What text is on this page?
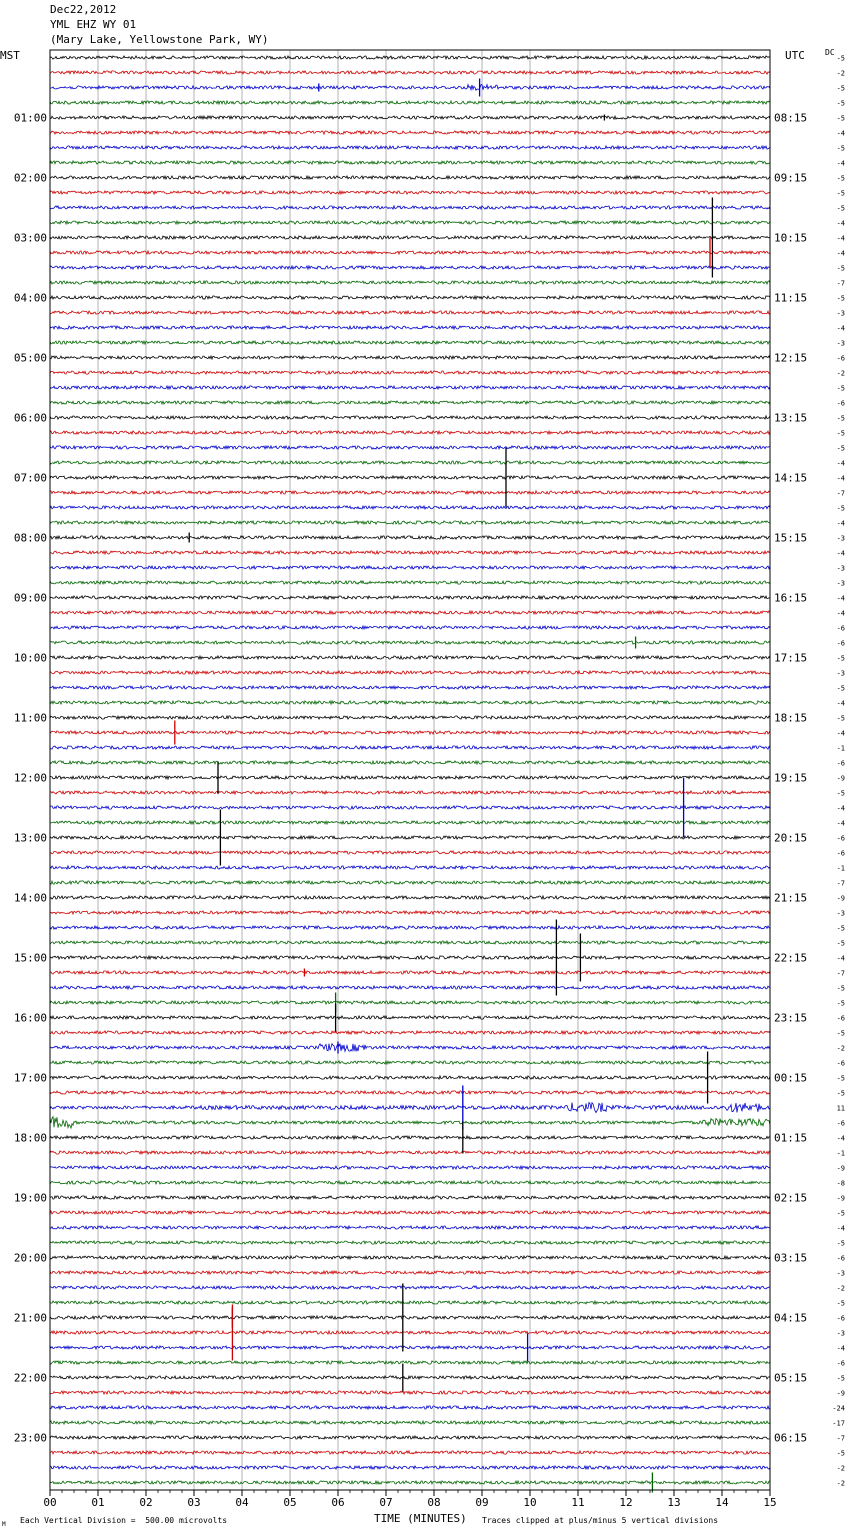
Dec22,2012
YML EHZ WY 01
(Mary Lake, Yellowstone Park, WY)
MST	UTC	DC
01:00
02:00
03:00
04:00
05:00
06:00
07:00
08:00
09:00
10:00
11:00
12:00
13:00
14:00
15:00
16:00
17:00
18:00
19:00
20:00
21:00
22:00
23:00
08:15
09:15
10:15
11:15
12:15
13:15
14:15
15:15
16:15
17:15
18:15
19:15
20:15
21:15
22:15
23:15
00:15
01:15
02:15
03:15
04:15
05:15
06:15
-5
-2
-5
-5
-5
-4
-5
-4
-5
-5
-5
-4
-4
-4
-5
-7
-5
-3
-4
-3
-6
-2
-5
-6
-5
-5
-5
-4
-4
-7
-5
-4
-3
-4
-3
-3
-4
-4
-6
-6
-5
-3
-5
-4
-5
-4
-1
-6
-9
-5
-4
-4
-6
-6
-1
-7
-9
-3
-5
-5
-4
-7
-5
-5
-6
-5
-2
-6
-5
-5
11
-6
-4
-1
-9
-8
-9
-5
-4
-5
-6
-3
-2
-5
-6
-3
-4
-6
-5
-9
-24
-17
-7
-5
-2
-2
00	01	02	03	04	05	06	07	08	09	10	11	12	13	14	15
Each Vertical Division =  500.00 microvolts	TIME (MINUTES) Traces clipped at plus/minus 5 vertical divisions
M
